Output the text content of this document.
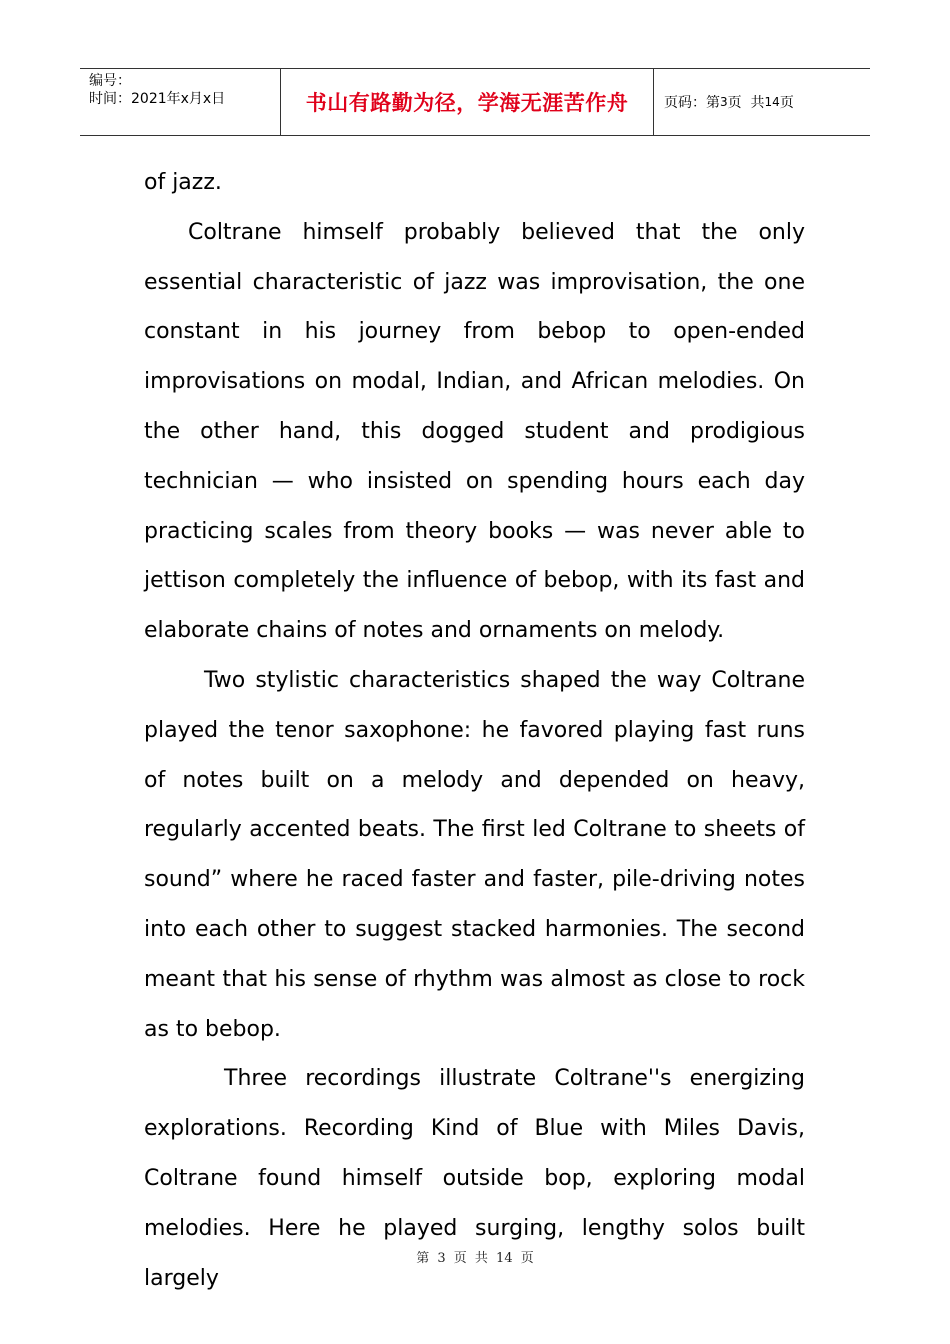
编号：
时间：2021年x月x日	书山有路勤为径，学海无涯苦作舟	页码：第 3 页  共 14 页

of jazz.

Coltrane himself probably believed that the only essential characteristic of jazz was improvisation, the one constant in his journey from bebop to open-ended improvisations on modal, Indian, and African melodies. On the other hand, this dogged student and prodigious technician — who insisted on spending hours each day practicing scales from theory books — was never able to jettison completely the influence of bebop, with its fast and elaborate chains of notes and ornaments on melody.

Two stylistic characteristics shaped the way Coltrane played the tenor saxophone: he favored playing fast runs of notes built on a melody and depended on heavy, regularly accented beats. The first led Coltrane to sheets of sound” where he raced faster and faster, pile-driving notes into each other to suggest stacked harmonies. The second meant that his sense of rhythm was almost as close to rock as to bebop.

Three recordings illustrate Coltrane''s energizing explorations. Recording Kind of Blue with Miles Davis, Coltrane found himself outside bop, exploring modal melodies. Here he played surging, lengthy solos built largely

第 3 页 共 14 页
